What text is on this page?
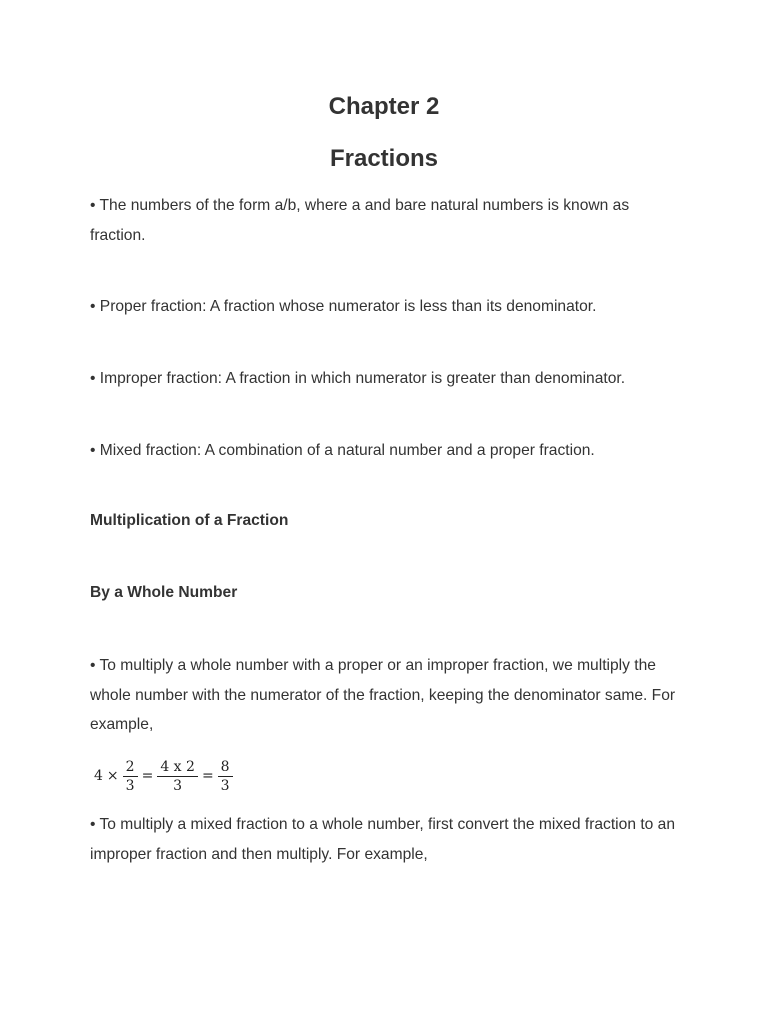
Chapter 2
Fractions

• The numbers of the form a/b, where a and bare natural numbers is known as fraction.

• Proper fraction: A fraction whose numerator is less than its denominator.

• Improper fraction: A fraction in which numerator is greater than denominator.

• Mixed fraction: A combination of a natural number and a proper fraction.

Multiplication of a Fraction

By a Whole Number

• To multiply a whole number with a proper or an improper fraction, we multiply the whole number with the numerator of the fraction, keeping the denominator same. For example,

$4 \times \frac{2}{3} = \frac{4 x 2}{3} = \frac{8}{3}$

• To multiply a mixed fraction to a whole number, first convert the mixed fraction to an improper fraction and then multiply. For example,
